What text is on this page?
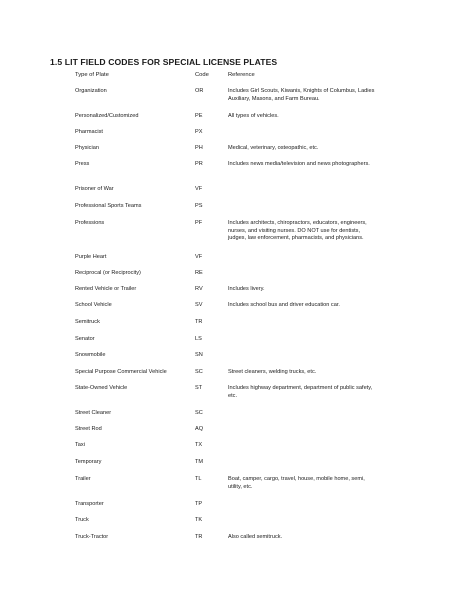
1.5 LIT FIELD CODES FOR SPECIAL LICENSE PLATES
Type of Plate	Code	Reference
Organization	OR	Includes Girl Scouts, Kiwanis, Knights of Columbus, Ladies Auxiliary, Masons, and Farm Bureau.
Personalized/Customized	PE	All types of vehicles.
Pharmacist	PX
Physician	PH	Medical, veterinary, osteopathic, etc.
Press	PR	Includes news media/television and news photographers.
Prisoner of War	VF
Professional Sports Teams	PS
Professions	PF	Includes architects, chiropractors, educators, engineers, nurses, and visiting nurses. DO NOT use for dentists, judges, law enforcement, pharmacists, and physicians.
Purple Heart	VF
Reciprocal (or Reciprocity)	RE
Rented Vehicle or Trailer	RV	Includes livery.
School Vehicle	SV	Includes school bus and driver education car.
Semitruck	TR
Senator	LS
Snowmobile	SN
Special Purpose Commercial Vehicle	SC	Street cleaners, welding trucks, etc.
State-Owned Vehicle	ST	Includes highway department, department of public safety, etc.
Street Cleaner	SC
Street Rod	AQ
Taxi	TX
Temporary	TM
Trailer	TL	Boat, camper, cargo, travel, house, mobile home, semi, utility, etc.
Transporter	TP
Truck	TK
Truck-Tractor	TR	Also called semitruck.
